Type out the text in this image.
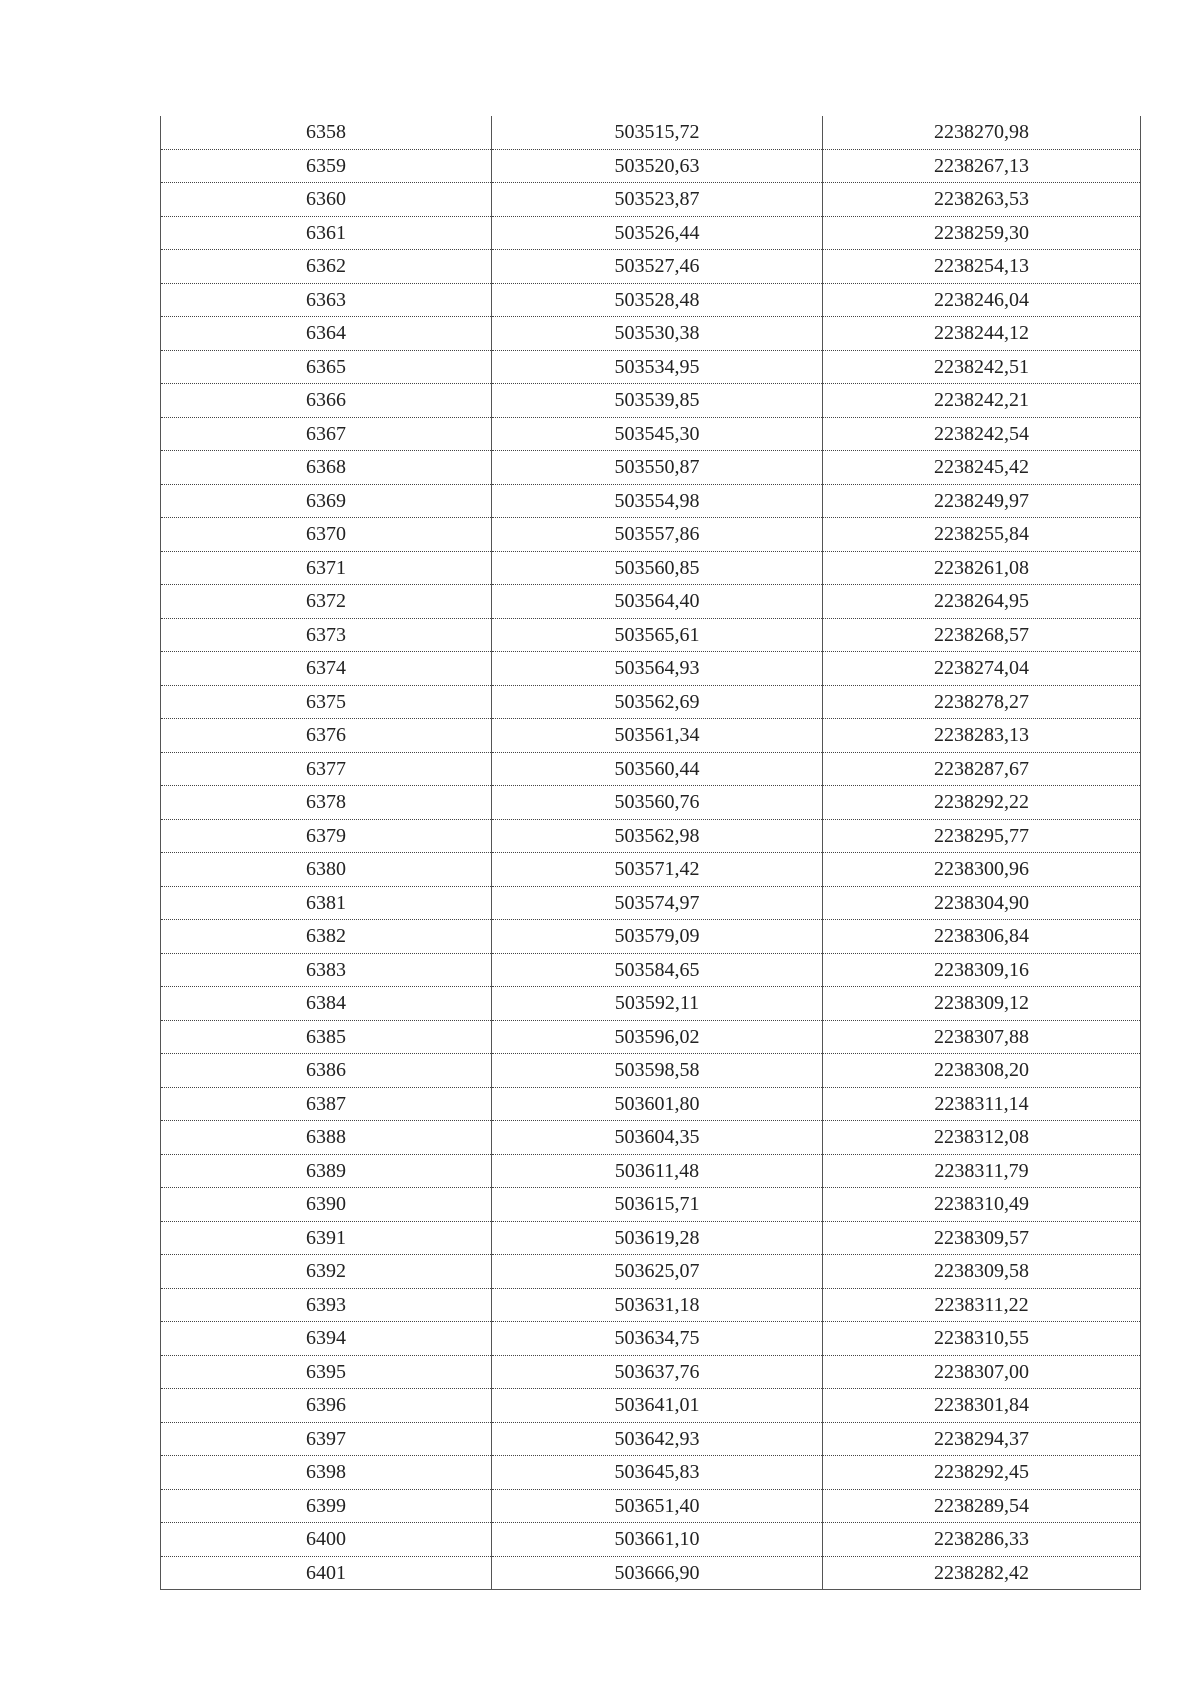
6358	503515,72	2238270,98
6359	503520,63	2238267,13
6360	503523,87	2238263,53
6361	503526,44	2238259,30
6362	503527,46	2238254,13
6363	503528,48	2238246,04
6364	503530,38	2238244,12
6365	503534,95	2238242,51
6366	503539,85	2238242,21
6367	503545,30	2238242,54
6368	503550,87	2238245,42
6369	503554,98	2238249,97
6370	503557,86	2238255,84
6371	503560,85	2238261,08
6372	503564,40	2238264,95
6373	503565,61	2238268,57
6374	503564,93	2238274,04
6375	503562,69	2238278,27
6376	503561,34	2238283,13
6377	503560,44	2238287,67
6378	503560,76	2238292,22
6379	503562,98	2238295,77
6380	503571,42	2238300,96
6381	503574,97	2238304,90
6382	503579,09	2238306,84
6383	503584,65	2238309,16
6384	503592,11	2238309,12
6385	503596,02	2238307,88
6386	503598,58	2238308,20
6387	503601,80	2238311,14
6388	503604,35	2238312,08
6389	503611,48	2238311,79
6390	503615,71	2238310,49
6391	503619,28	2238309,57
6392	503625,07	2238309,58
6393	503631,18	2238311,22
6394	503634,75	2238310,55
6395	503637,76	2238307,00
6396	503641,01	2238301,84
6397	503642,93	2238294,37
6398	503645,83	2238292,45
6399	503651,40	2238289,54
6400	503661,10	2238286,33
6401	503666,90	2238282,42
